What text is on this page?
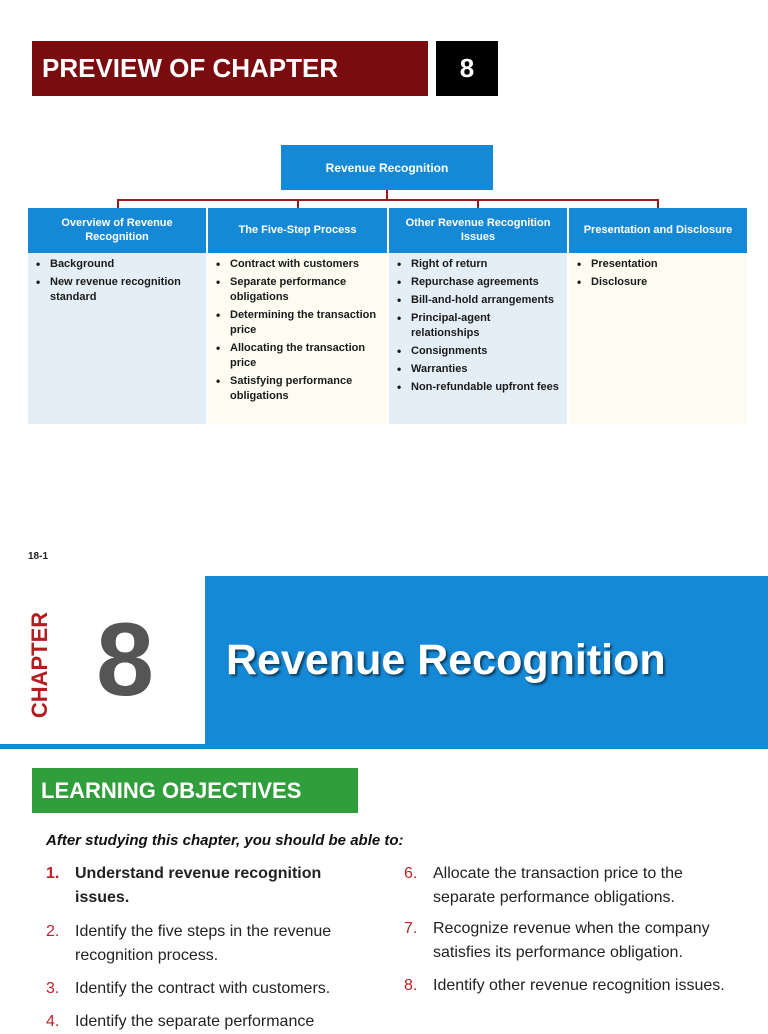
PREVIEW OF CHAPTER	8
Revenue Recognition
Overview of Revenue Recognition
The Five-Step Process
Other Revenue Recognition Issues
Presentation and Disclosure
• Background
• New revenue recognition standard
• Contract with customers
• Separate performance obligations
• Determining the transaction price
• Allocating the transaction price
• Satisfying performance obligations
• Right of return
• Repurchase agreements
• Bill-and-hold arrangements
• Principal-agent relationships
• Consignments
• Warranties
• Non-refundable upfront fees
• Presentation
• Disclosure
18-1
CHAPTER 8 Revenue Recognition
LEARNING OBJECTIVES
After studying this chapter, you should be able to:
1. Understand revenue recognition issues.
2. Identify the five steps in the revenue recognition process.
3. Identify the contract with customers.
4. Identify the separate performance
6. Allocate the transaction price to the separate performance obligations.
7. Recognize revenue when the company satisfies its performance obligation.
8. Identify other revenue recognition issues.
